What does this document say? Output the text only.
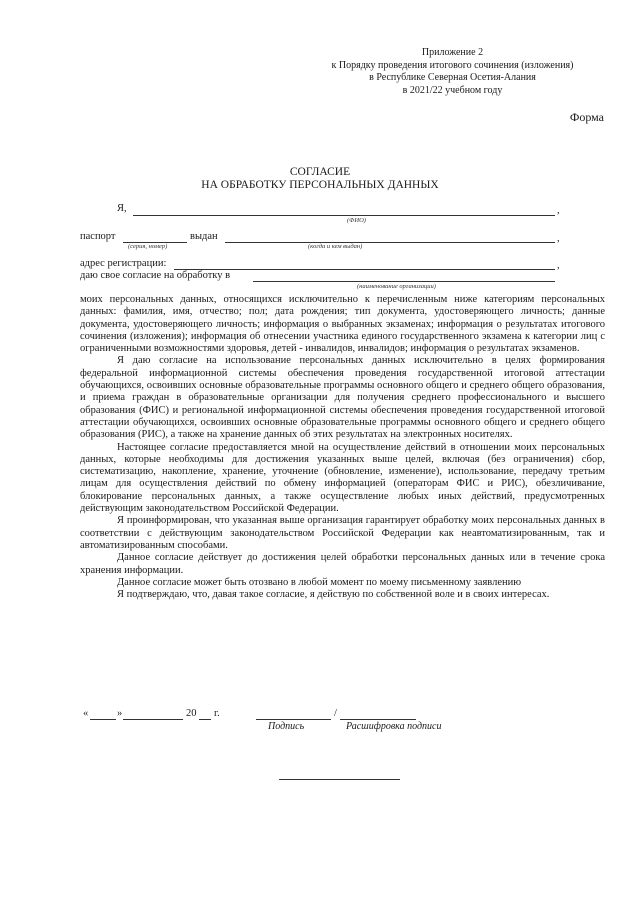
Приложение 2
к Порядку проведения итогового сочинения (изложения)
в Республике Северная Осетия-Алания
в 2021/22 учебном году
Форма
СОГЛАСИЕ
НА ОБРАБОТКУ ПЕРСОНАЛЬНЫХ ДАННЫХ
Я,	,
(ФИО)
паспорт	выдан	,
(серия, номер)	(когда и кем выдан)
адрес регистрации:	,
даю свое согласие на обработку в
(наименование организации)

моих персональных данных, относящихся исключительно к перечисленным ниже категориям персональных данных: фамилия, имя, отчество; пол; дата рождения; тип документа, удостоверяющего личность; данные документа, удостоверяющего личность; информация о выбранных экзаменах; информация о результатах итогового сочинения (изложения); информация об отнесении участника единого государственного экзамена к категории лиц с ограниченными возможностями здоровья, детей - инвалидов, инвалидов; информация о результатах экзаменов.

Я даю согласие на использование персональных данных исключительно в целях формирования федеральной информационной системы обеспечения проведения государственной итоговой аттестации обучающихся, освоивших основные образовательные программы основного общего и среднего общего образования, и приема граждан в образовательные организации для получения среднего профессионального и высшего образования (ФИС) и региональной информационной системы обеспечения проведения государственной итоговой аттестации обучающихся, освоивших основные образовательные программы основного общего и среднего общего образования (РИС), а также на хранение данных об этих результатах на электронных носителях.

Настоящее согласие предоставляется мной на осуществление действий в отношении моих персональных данных, которые необходимы для достижения указанных выше целей, включая (без ограничения) сбор, систематизацию, накопление, хранение, уточнение (обновление, изменение), использование, передачу третьим лицам для осуществления действий по обмену информацией (операторам ФИС и РИС), обезличивание, блокирование персональных данных, а также осуществление любых иных действий, предусмотренных действующим законодательством Российской Федерации.

Я проинформирован, что указанная выше организация гарантирует обработку моих персональных данных в соответствии с действующим законодательством Российской Федерации как неавтоматизированным, так и автоматизированным способами.

Данное согласие действует до достижения целей обработки персональных данных или в течение срока хранения информации.

Данное согласие может быть отозвано в любой момент по моему письменному заявлению

Я подтверждаю, что, давая такое согласие, я действую по собственной воле и в своих интересах.

«	»	20 г.	/
Подпись	Расшифровка подписи
